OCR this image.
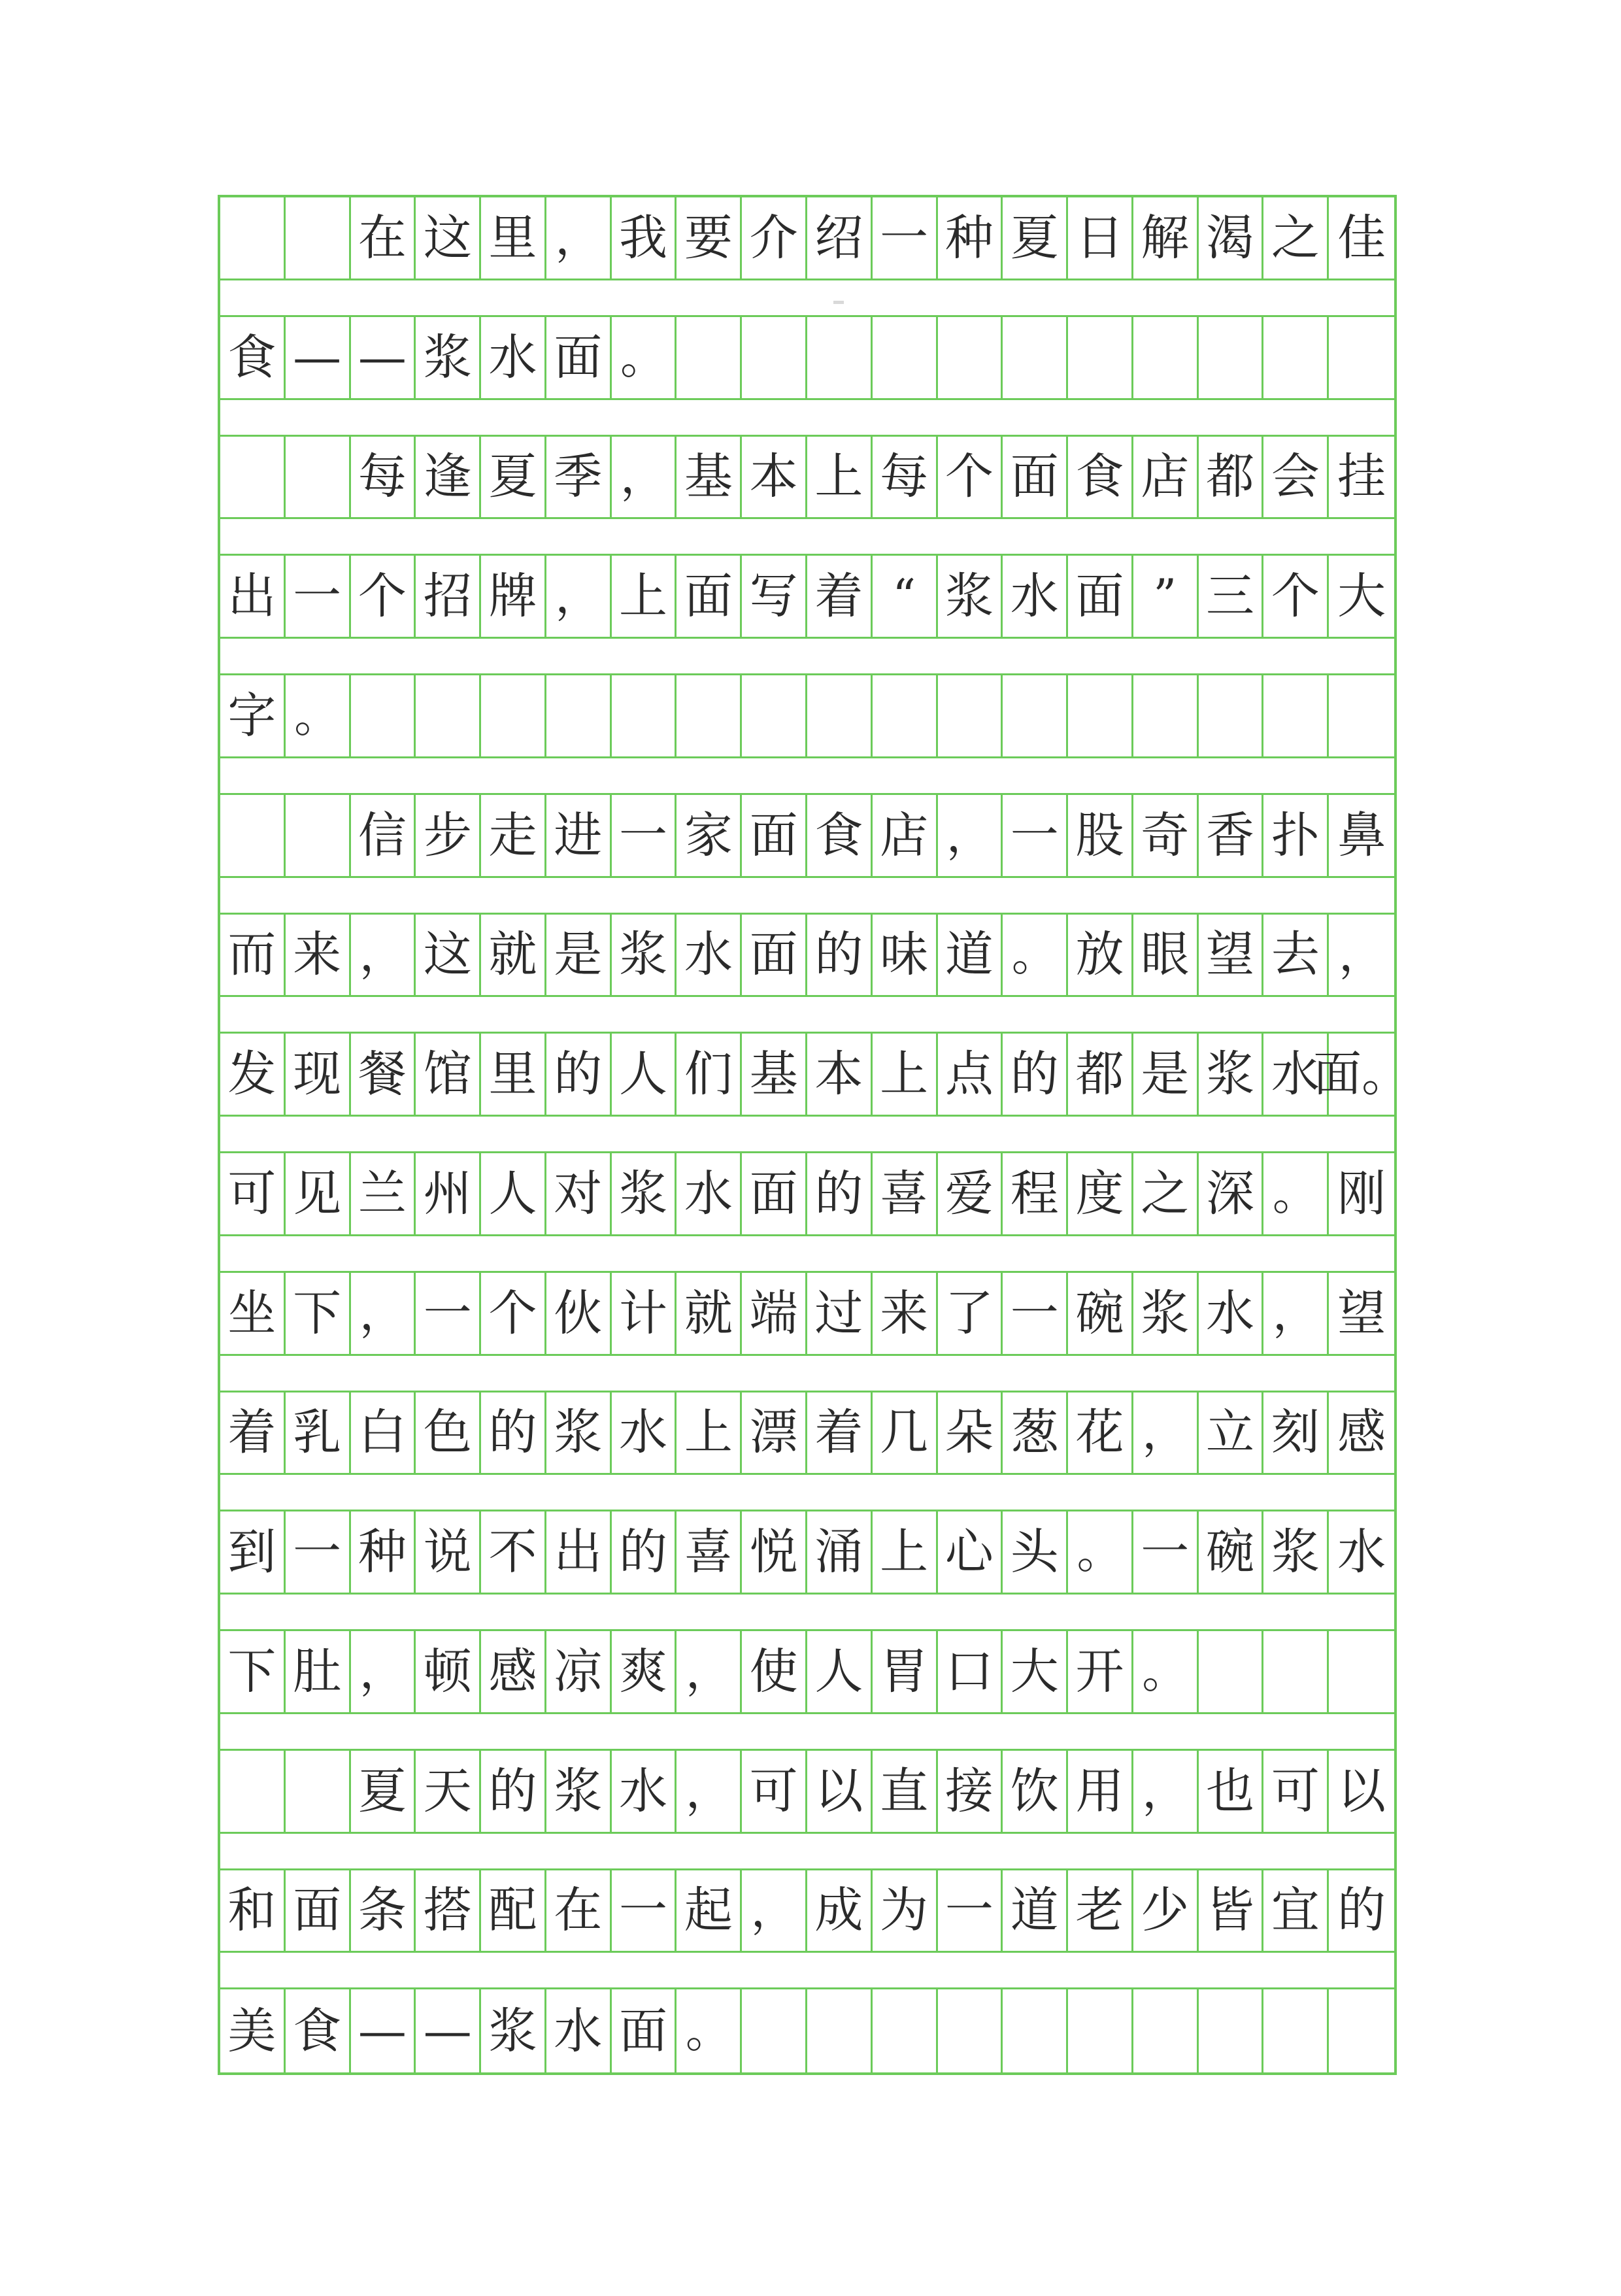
在 这 里 ， 我 要 介 绍 一 种 夏 日 解 渴 之 佳
食 — — 浆 水 面 。
每 逢 夏 季 ， 基 本 上 每 个 面 食 店 都 会 挂
出 一 个 招 牌 ， 上 面 写 着 “ 浆 水 面 ” 三 个 大
字 。
信 步 走 进 一 家 面 食 店 ， 一 股 奇 香 扑 鼻
而 来 ， 这 就 是 浆 水 面 的 味 道 。 放 眼 望 去 ，
发 现 餐 馆 里 的 人 们 基 本 上 点 的 都 是 浆 水
面。
可 见 兰 州 人 对 浆 水 面 的 喜 爱 程 度 之 深 。 刚
坐 下 ， 一 个 伙 计 就 端 过 来 了 一 碗 浆 水 ， 望
着 乳 白 色 的 浆 水 上 漂 着 几 朵 葱 花 ， 立 刻 感
到 一 种 说 不 出 的 喜 悦 涌 上 心 头 。 一 碗 浆 水
下 肚 ， 顿 感 凉 爽 ， 使 人 胃 口 大 开 。
夏 天 的 浆 水 ， 可 以 直 接 饮 用 ， 也 可 以
和 面 条 搭 配 在 一 起 ， 成 为 一 道 老 少 皆 宜 的
美 食 — — 浆 水 面 。
